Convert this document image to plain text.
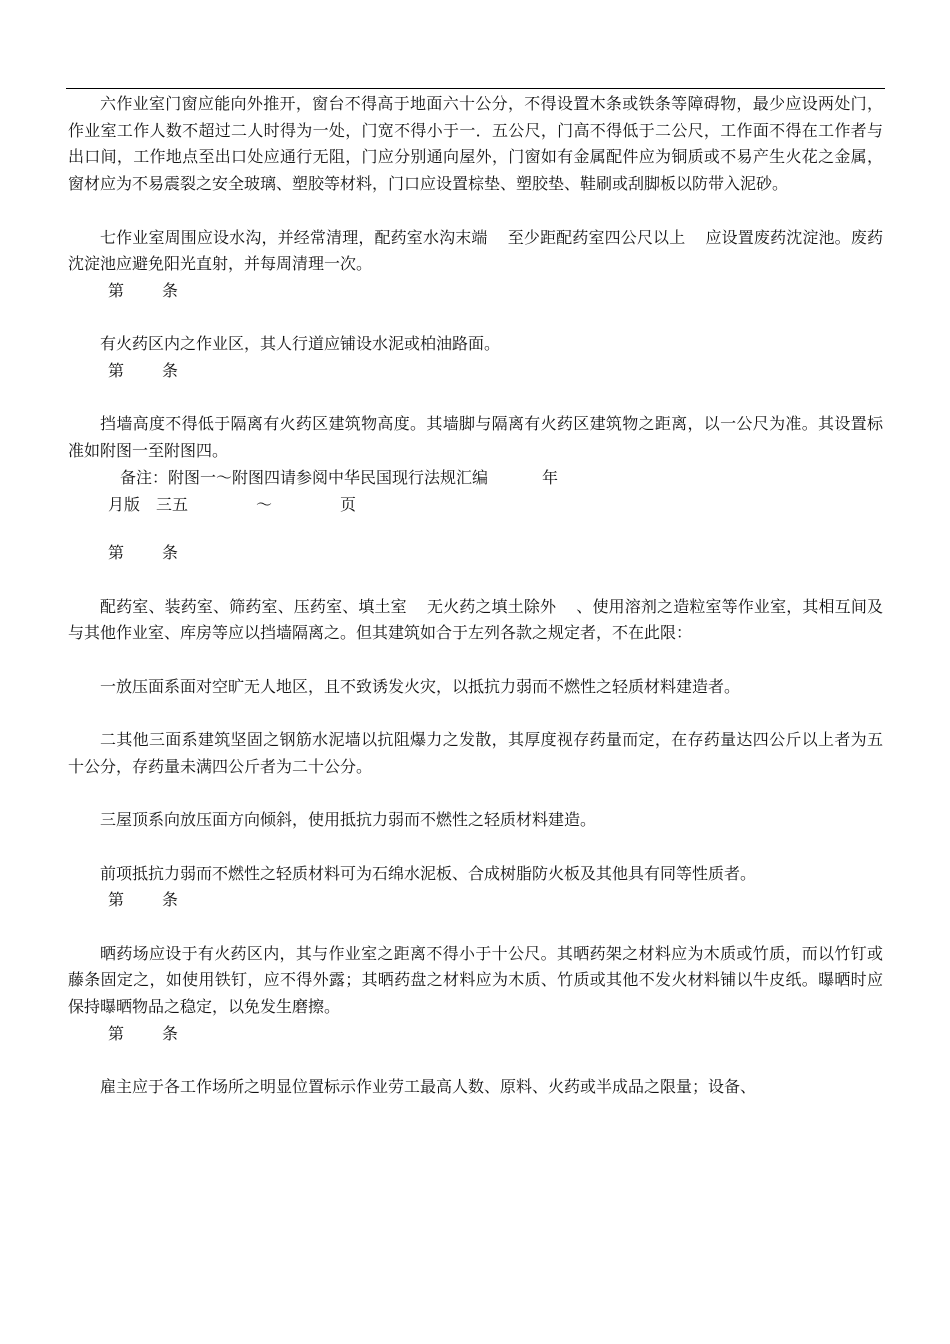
六作业室门窗应能向外推开，窗台不得高于地面六十公分，不得设置木条或铁条等障碍物，最少应设两处门，作业室工作人数不超过二人时得为一处，门宽不得小于一．五公尺，门高不得低于二公尺，工作面不得在工作者与出口间，工作地点至出口处应通行无阻，门应分别通向屋外，门窗如有金属配件应为铜质或不易产生火花之金属，窗材应为不易震裂之安全玻璃、塑胶等材料，门口应设置棕垫、塑胶垫、鞋刷或刮脚板以防带入泥砂。

七作业室周围应设水沟，并经常清理，配药室水沟末端 至少距配药室四公尺以上 应设置废药沈淀池。废药沈淀池应避免阳光直射，并每周清理一次。

第 条

有火药区内之作业区，其人行道应铺设水泥或柏油路面。

第 条

挡墙高度不得低于隔离有火药区建筑物高度。其墙脚与隔离有火药区建筑物之距离，以一公尺为准。其设置标准如附图一至附图四。

备注：附图一～附图四请参阅中华民国现行法规汇编	年

月版 三五	～	页

第 条

配药室、装药室、筛药室、压药室、填土室 无火药之填土除外 、使用溶剂之造粒室等作业室，其相互间及与其他作业室、库房等应以挡墙隔离之。但其建筑如合于左列各款之规定者，不在此限：

一放压面系面对空旷无人地区，且不致诱发火灾，以抵抗力弱而不燃性之轻质材料建造者。

二其他三面系建筑坚固之钢筋水泥墙以抗阻爆力之发散，其厚度视存药量而定，在存药量达四公斤以上者为五十公分，存药量未满四公斤者为二十公分。

三屋顶系向放压面方向倾斜，使用抵抗力弱而不燃性之轻质材料建造。

前项抵抗力弱而不燃性之轻质材料可为石绵水泥板、合成树脂防火板及其他具有同等性质者。

第 条

晒药场应设于有火药区内，其与作业室之距离不得小于十公尺。其晒药架之材料应为木质或竹质，而以竹钉或藤条固定之，如使用铁钉，应不得外露；其晒药盘之材料应为木质、竹质或其他不发火材料铺以牛皮纸。曝晒时应保持曝晒物品之稳定，以免发生磨擦。

第 条

雇主应于各工作场所之明显位置标示作业劳工最高人数、原料、火药或半成品之限量；设备、
